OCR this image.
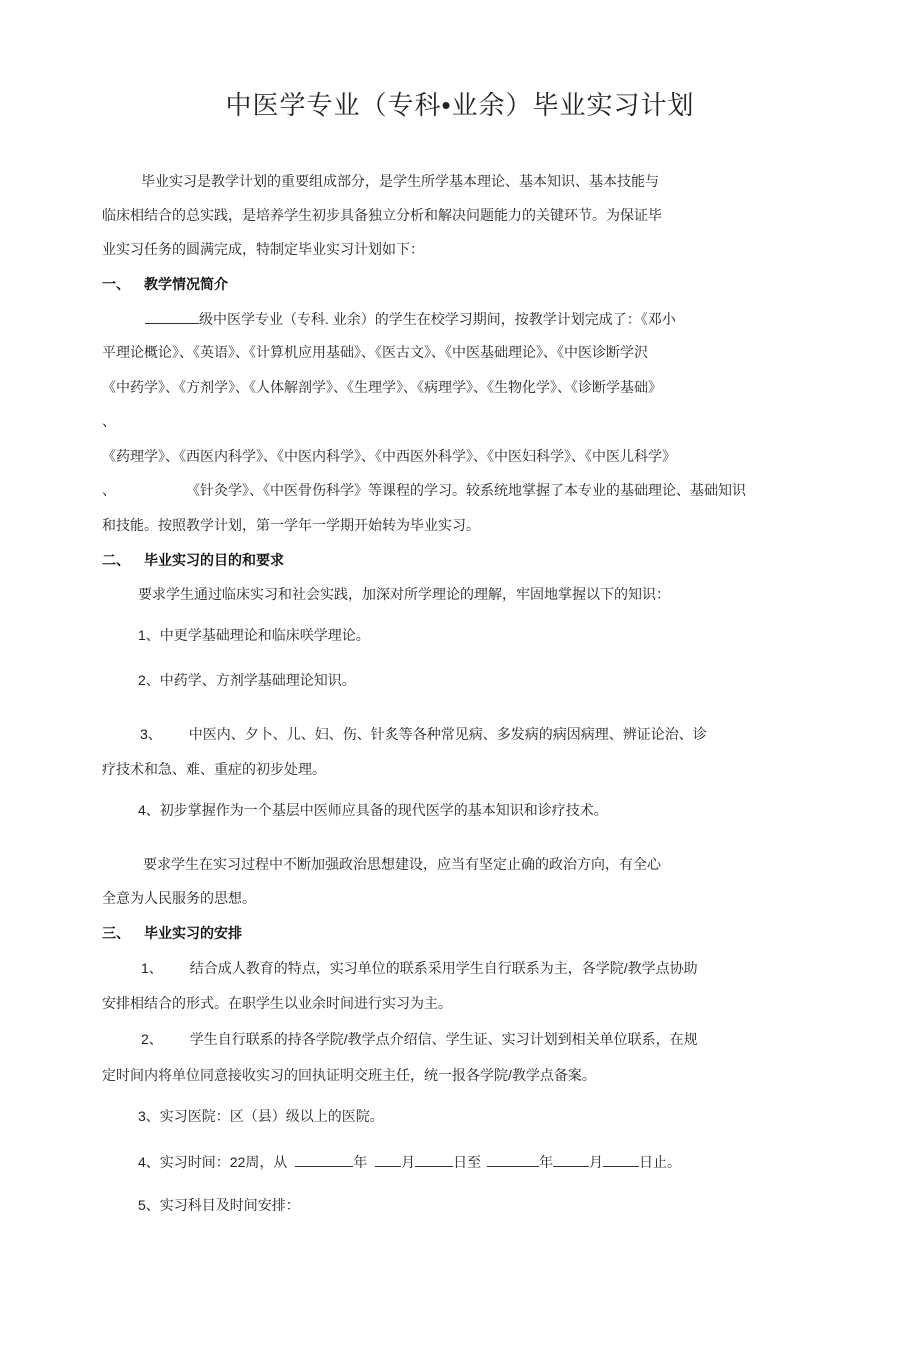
中医学专业（专科•业余）毕业实习计划
毕业实习是教学计划的重要组成部分，是学生所学基本理论、基本知识、基本技能与
临床相结合的总实践，是培养学生初步具备独立分析和解决问题能力的关键环节。为保证毕
业实习任务的圆满完成，特制定毕业实习计划如下：
一、 教学情况简介
级中医学专业（专科. 业余）的学生在校学习期间，按教学计划完成了：《邓小
平理论概论》、《英语》、《计算机应用基础》、《医古文》、《中医基础理论》、《中医诊断学沢
《中药学》、《方剂学》、《人体解剖学》、《生理学》、《病理学》、《生物化学》、《诊断学基础》
、
《药理学》、《西医内科学》、《中医内科学》、《中西医外科学》、《中医妇科学》、《中医儿科学》
、	《针灸学》、《中医骨伤科学》等课程的学习。较系统地掌握了本专业的基础理论、基础知识
和技能。按照教学计划，第一学年一学期开始转为毕业实习。
二、 毕业实习的目的和要求
要求学生通过临床实习和社会实践，加深对所学理论的理解，牢固地掌握以下的知识：
1、中更学基础理论和临床咲学理论。
2、中药学、方剂学基础理论知识。
3、 中医内、夕卜、儿、妇、伤、针炙等各种常见病、多发病的病因病理、辨证论治、诊
疗技术和急、难、重症的初步处理。
4、初步掌握作为一个基层中医师应具备的现代医学的基本知识和诊疗技术。
要求学生在实习过程中不断加强政治思想建设，应当有坚定止确的政治方向，有全心
全意为人民服务的思想。
三、 毕业实习的安排
1、 结合成人教育的特点，实习单位的联系采用学生自行联系为主，各学院/教学点协助
安排相结合的形式。在职学生以业余时间进行实习为主。
2、 学生自行联系的持各学院/教学点介绍信、学生证、实习计划到相关单位联系，在规
定时间内将单位同意接收实习的回执证明交班主任，统一报各学院/教学点备案。
3、实习医院：区（县）级以上的医院。
4、实习时间：22周，从	年 月	日至	年	月	日止。
5、实习科目及时间安排：
